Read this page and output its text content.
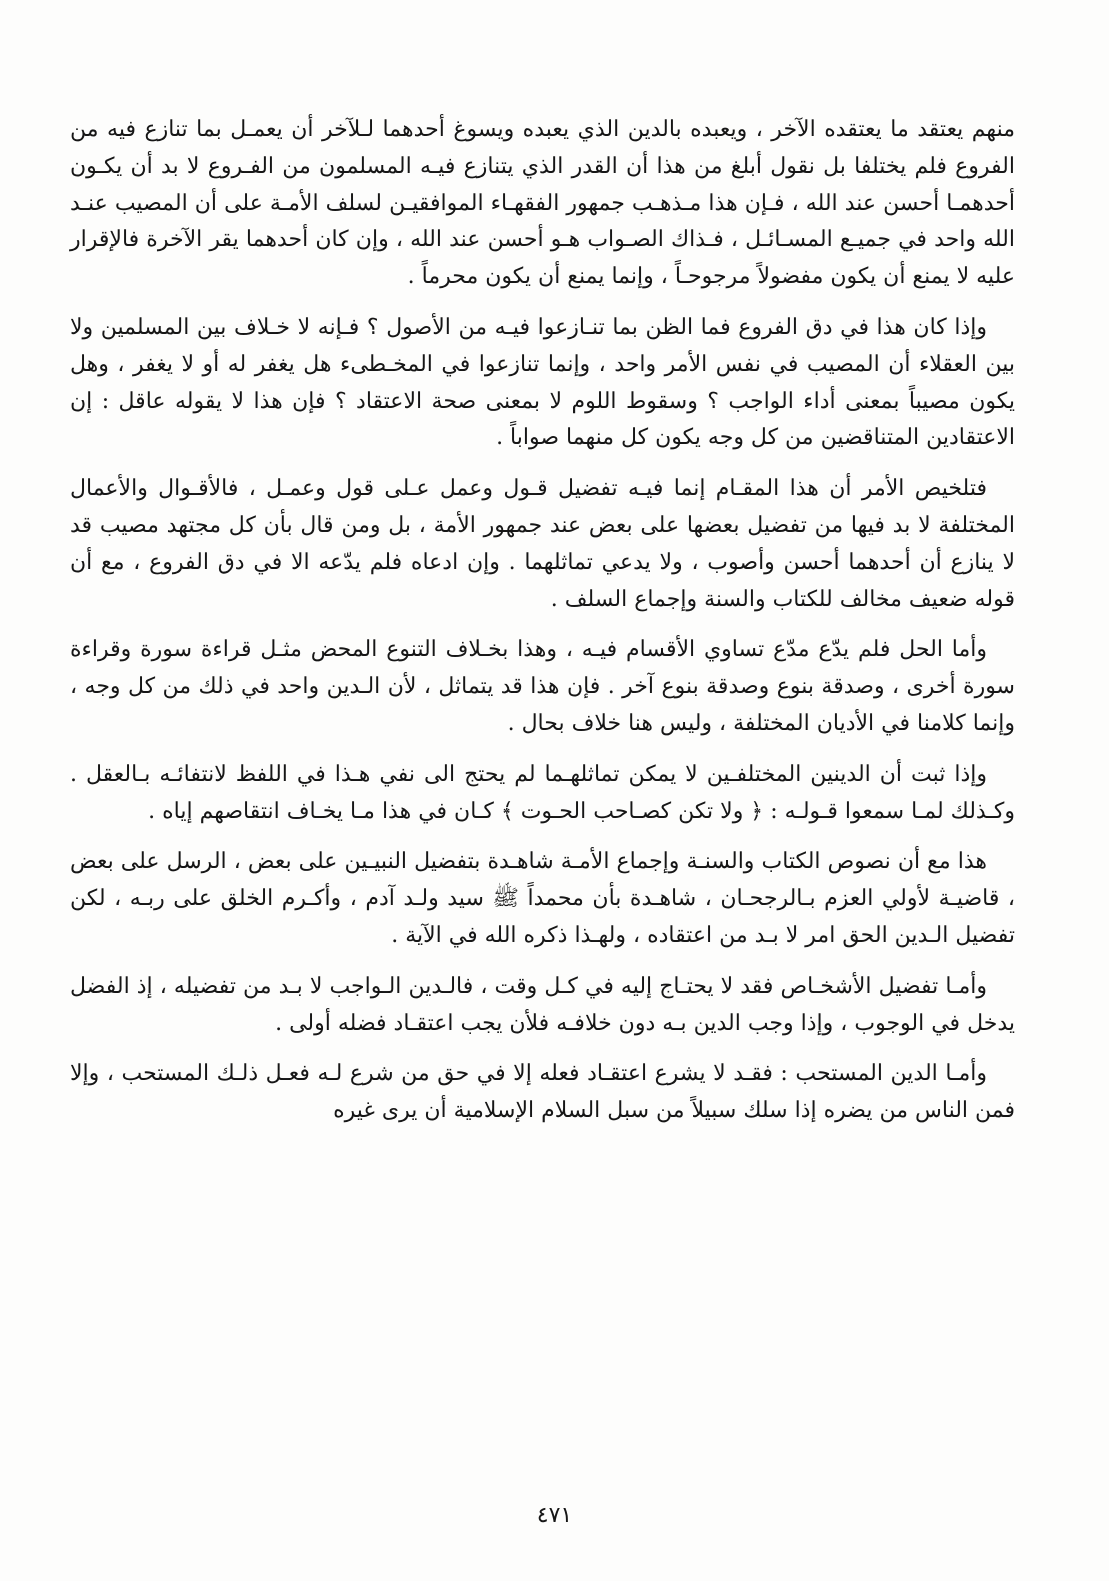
منهم يعتقد ما يعتقده الآخر ، ويعبده بالدين الذي يعبده ويسوغ أحدهما لـلآخر أن يعمـل بما تنازع فيه من الفروع فلم يختلفا بل نقول أبلغ من هذا أن القدر الذي يتنازع فيـه المسلمون من الفـروع لا بد أن يكـون أحدهمـا أحسن عند الله ، فـإن هذا مـذهـب جمهور الفقهـاء الموافقيـن لسلف الأمـة على أن المصيب عنـد الله واحد في جميـع المسـائـل ، فـذاك الصـواب هـو أحسن عند الله ، وإن كان أحدهما يقر الآخرة فالإقرار عليه لا يمنع أن يكون مفضولاً مرجوحـاً ، وإنما يمنع أن يكون محرماً .

وإذا كان هذا في دق الفروع فما الظن بما تنـازعوا فيـه من الأصول ؟ فـإنه لا خـلاف بين المسلمين ولا بين العقلاء أن المصيب في نفس الأمر واحد ، وإنما تنازعوا في المخـطىء هل يغفر له أو لا يغفر ، وهل يكون مصيباً بمعنى أداء الواجب ؟ وسقوط اللوم لا بمعنى صحة الاعتقاد ؟ فإن هذا لا يقوله عاقل : إن الاعتقادين المتناقضين من كل وجه يكون كل منهما صواباً .

فتلخيص الأمر أن هذا المقـام إنما فيـه تفضيل قـول وعمل عـلى قول وعمـل ، فالأقـوال والأعمال المختلفة لا بد فيها من تفضيل بعضها على بعض عند جمهور الأمة ، بل ومن قال بأن كل مجتهد مصيب قد لا ينازع أن أحدهما أحسن وأصوب ، ولا يدعي تماثلهما . وإن ادعاه فلم يدّعه الا في دق الفروع ، مع أن قوله ضعيف مخالف للكتاب والسنة وإجماع السلف .

وأما الحل فلم يدّع مدّع تساوي الأقسام فيـه ، وهذا بخـلاف التنوع المحض مثـل قراءة سورة وقراءة سورة أخرى ، وصدقة بنوع وصدقة بنوع آخر . فإن هذا قد يتماثل ، لأن الـدين واحد في ذلك من كل وجه ، وإنما كلامنا في الأديان المختلفة ، وليس هنا خلاف بحال .

وإذا ثبت أن الدينين المختلفـين لا يمكن تماثلهـما لم يحتج الى نفي هـذا في اللفظ لانتفائـه بـالعقل . وكـذلك لمـا سمعوا قـولـه : ﴿ ولا تكن كصـاحب الحـوت ﴾ كـان في هذا مـا يخـاف انتقاصهم إياه .

هذا مع أن نصوص الكتاب والسنـة وإجماع الأمـة شاهـدة بتفضيل النبيـين على بعض ، الرسل على بعض ، قاضيـة لأولي العزم بـالرجحـان ، شاهـدة بأن محمداً ﷺ سيد ولـد آدم ، وأكـرم الخلق على ربـه ، لكن تفضيل الـدين الحق امر لا بـد من اعتقاده ، ولهـذا ذكره الله في الآية .

وأمـا تفضيل الأشخـاص فقد لا يحتـاج إليه في كـل وقت ، فالـدين الـواجب لا بـد من تفضيله ، إذ الفضل يدخل في الوجوب ، وإذا وجب الدين بـه دون خلافـه فلأن يجب اعتقـاد فضله أولى .

وأمـا الدين المستحب : فقـد لا يشرع اعتقـاد فعله إلا في حق من شرع لـه فعـل ذلـك المستحب ، وإلا فمن الناس من يضره إذا سلك سبيلاً من سبل السلام الإسلامية أن يرى غيره

٤٧١
